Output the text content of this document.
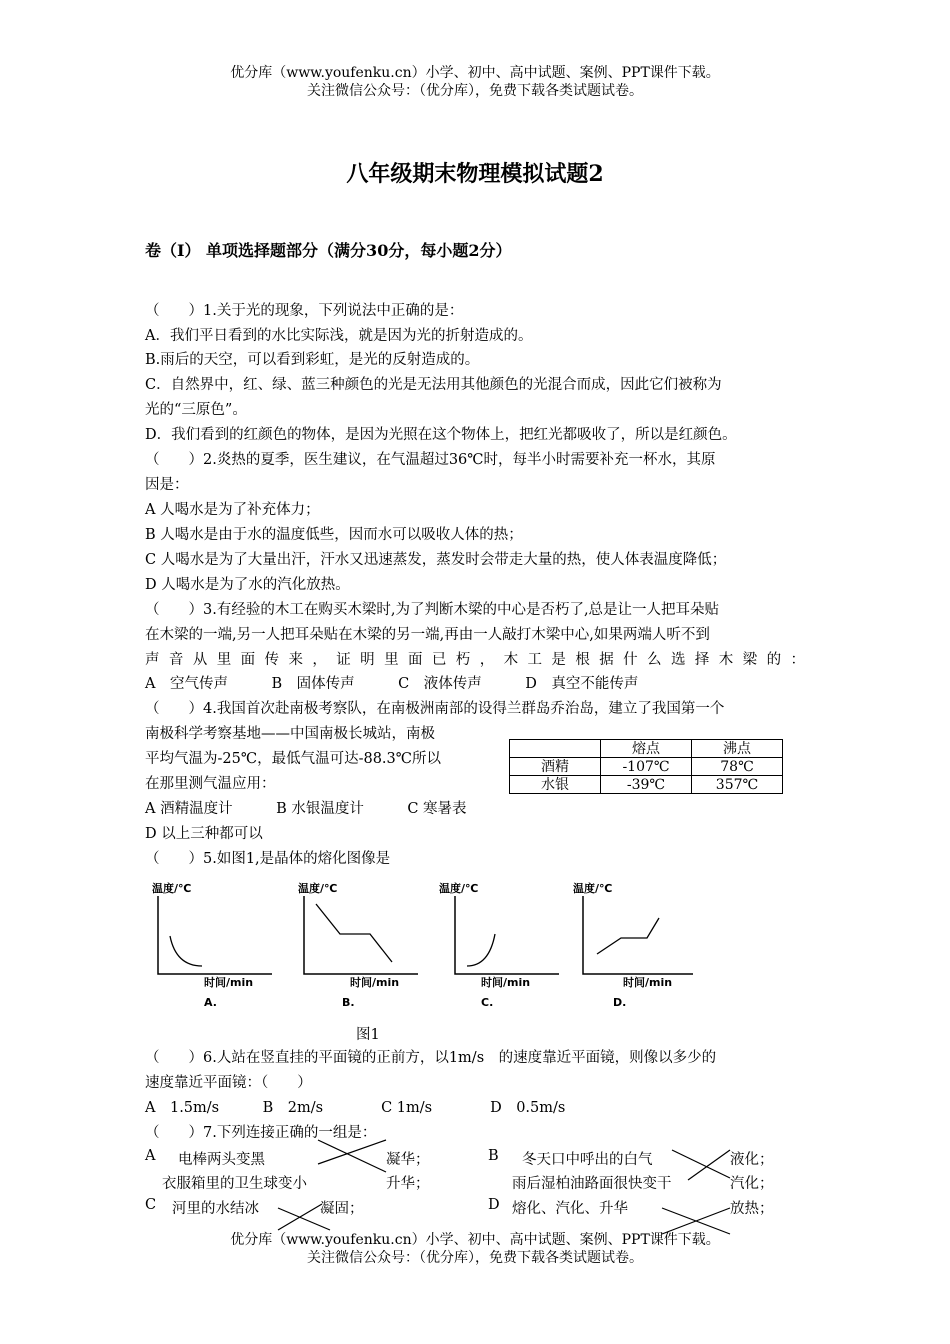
优分库（www.youfenku.cn）小学、初中、高中试题、案例、PPT课件下载。
关注微信公众号：（优分库），免费下载各类试题试卷。
八年级期末物理模拟试题2
卷（I） 单项选择题部分（满分30分，每小题2分）
（　　）1.关于光的现象，下列说法中正确的是：
A．我们平日看到的水比实际浅，就是因为光的折射造成的。
B.雨后的天空，可以看到彩虹，是光的反射造成的。
C．自然界中，红、绿、蓝三种颜色的光是无法用其他颜色的光混合而成，因此它们被称为
光的“三原色”。
D．我们看到的红颜色的物体，是因为光照在这个物体上，把红光都吸收了，所以是红颜色。
（　　）2.炎热的夏季，医生建议，在气温超过36℃时，每半小时需要补充一杯水，其原
因是：
A 人喝水是为了补充体力；
B 人喝水是由于水的温度低些，因而水可以吸收人体的热；
C 人喝水是为了大量出汗，汗水又迅速蒸发，蒸发时会带走大量的热，使人体表温度降低；
D 人喝水是为了水的汽化放热。
（　　）3.有经验的木工在购买木梁时,为了判断木梁的中心是否朽了,总是让一人把耳朵贴
在木梁的一端,另一人把耳朵贴在木梁的另一端,再由一人敲打木梁中心,如果两端人听不到
声 音 从 里 面 传 来 ， 证 明 里 面 已 朽 ， 木 工 是 根 据 什 么 选 择 木 梁 的 ：
A　空气传声　　　B　固体传声　　　C　液体传声　　　D　真空不能传声
（　　）4.我国首次赴南极考察队，在南极洲南部的设得兰群岛乔治岛，建立了我国第一个
南极科学考察基地——中国南极长城站，南极
平均气温为-25℃，最低气温可达-88.3℃所以
在那里测气温应用：
A 酒精温度计　　　B 水银温度计　　　C 寒暑表
D 以上三种都可以
	熔点	沸点
酒精	-107℃	78℃
水银	-39℃	357℃
（　　）5.如图1,是晶体的熔化图像是
温度/℃
时间/min
A.
温度/℃
时间/min
B.
温度/℃
时间/min
C.
温度/℃
时间/min
D.
图1
（　　）6.人站在竖直挂的平面镜的正前方，以1m/s　的速度靠近平面镜，则像以多少的
速度靠近平面镜：（　　）
A　1.5m/s　　　B　2m/s　　　　C 1m/s　　　　D　0.5m/s
（　　）7.下列连接正确的一组是：
A 电棒两头变黑
衣服箱里的卫生球变小
凝华；
升华；
B 冬天口中呼出的白气
雨后湿柏油路面很快变干
液化；
汽化；
C 河里的水结冰	凝固；	D 熔化、汽化、升华	放热；
优分库（www.youfenku.cn）小学、初中、高中试题、案例、PPT课件下载。
关注微信公众号：（优分库），免费下载各类试题试卷。
